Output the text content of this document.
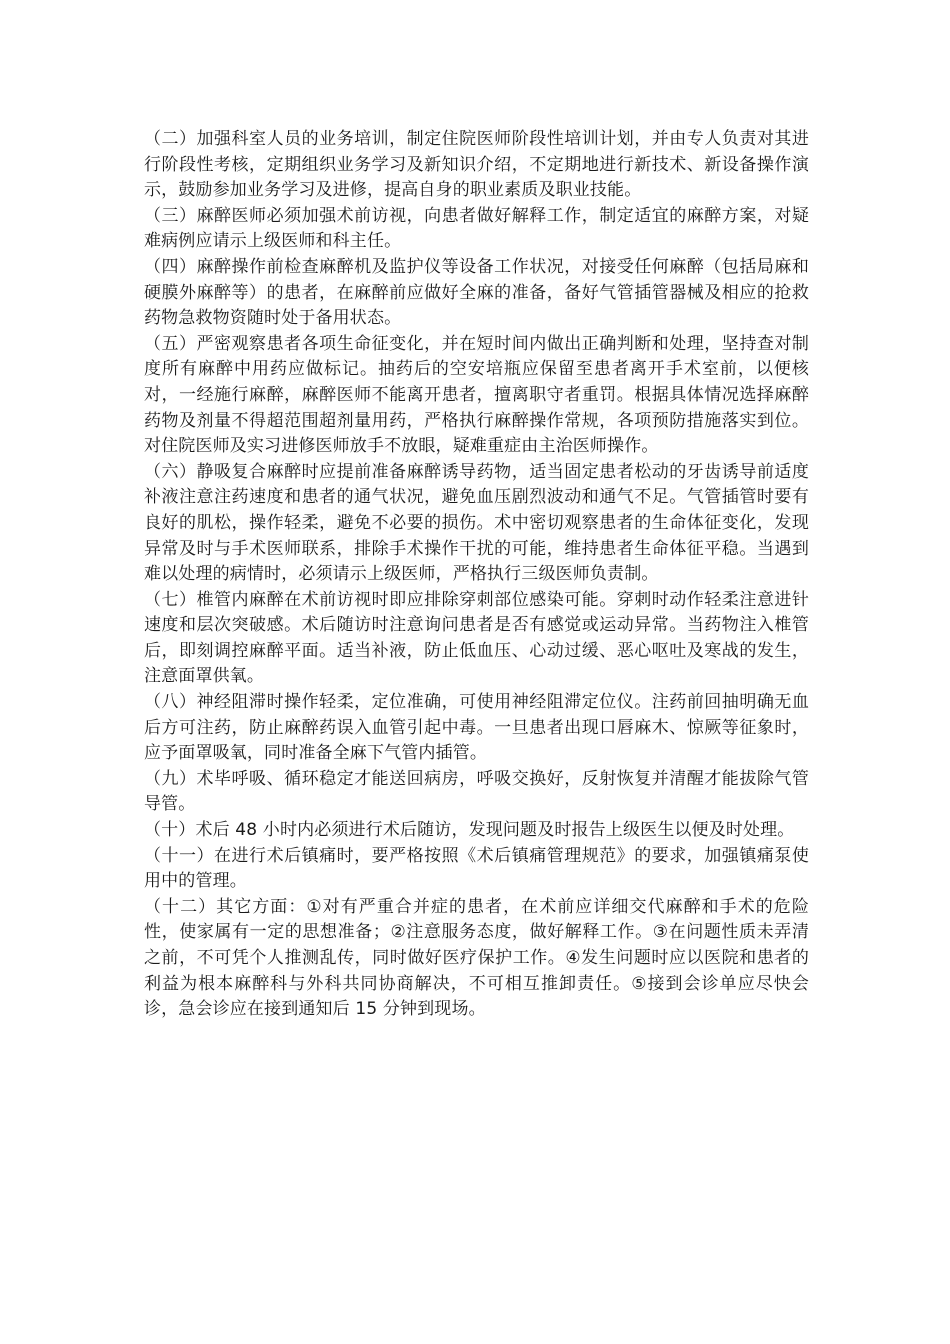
（二）加强科室人员的业务培训，制定住院医师阶段性培训计划，并由专人负责对其进行阶段性考核，定期组织业务学习及新知识介绍，不定期地进行新技术、新设备操作演示，鼓励参加业务学习及进修，提高自身的职业素质及职业技能。

（三）麻醉医师必须加强术前访视，向患者做好解释工作，制定适宜的麻醉方案，对疑难病例应请示上级医师和科主任。

（四）麻醉操作前检查麻醉机及监护仪等设备工作状况，对接受任何麻醉（包括局麻和硬膜外麻醉等）的患者，在麻醉前应做好全麻的准备，备好气管插管器械及相应的抢救药物急救物资随时处于备用状态。

（五）严密观察患者各项生命征变化，并在短时间内做出正确判断和处理，坚持查对制度所有麻醉中用药应做标记。抽药后的空安培瓶应保留至患者离开手术室前，以便核对，一经施行麻醉，麻醉医师不能离开患者，擅离职守者重罚。根据具体情况选择麻醉药物及剂量不得超范围超剂量用药，严格执行麻醉操作常规，各项预防措施落实到位。对住院医师及实习进修医师放手不放眼，疑难重症由主治医师操作。

（六）静吸复合麻醉时应提前准备麻醉诱导药物，适当固定患者松动的牙齿诱导前适度补液注意注药速度和患者的通气状况，避免血压剧烈波动和通气不足。气管插管时要有良好的肌松，操作轻柔，避免不必要的损伤。术中密切观察患者的生命体征变化，发现异常及时与手术医师联系，排除手术操作干扰的可能，维持患者生命体征平稳。当遇到难以处理的病情时，必须请示上级医师，严格执行三级医师负责制。

（七）椎管内麻醉在术前访视时即应排除穿刺部位感染可能。穿刺时动作轻柔注意进针速度和层次突破感。术后随访时注意询问患者是否有感觉或运动异常。当药物注入椎管后，即刻调控麻醉平面。适当补液，防止低血压、心动过缓、恶心呕吐及寒战的发生，注意面罩供氧。

（八）神经阻滞时操作轻柔，定位准确，可使用神经阻滞定位仪。注药前回抽明确无血后方可注药，防止麻醉药误入血管引起中毒。一旦患者出现口唇麻木、惊厥等征象时，应予面罩吸氧，同时准备全麻下气管内插管。

（九）术毕呼吸、循环稳定才能送回病房，呼吸交换好，反射恢复并清醒才能拔除气管导管。

（十）术后 48 小时内必须进行术后随访，发现问题及时报告上级医生以便及时处理。

（十一）在进行术后镇痛时，要严格按照《术后镇痛管理规范》的要求，加强镇痛泵使用中的管理。

（十二）其它方面：①对有严重合并症的患者，在术前应详细交代麻醉和手术的危险性，使家属有一定的思想准备；②注意服务态度，做好解释工作。③在问题性质未弄清之前，不可凭个人推测乱传，同时做好医疗保护工作。④发生问题时应以医院和患者的利益为根本麻醉科与外科共同协商解决，不可相互推卸责任。⑤接到会诊单应尽快会诊，急会诊应在接到通知后 15 分钟到现场。
